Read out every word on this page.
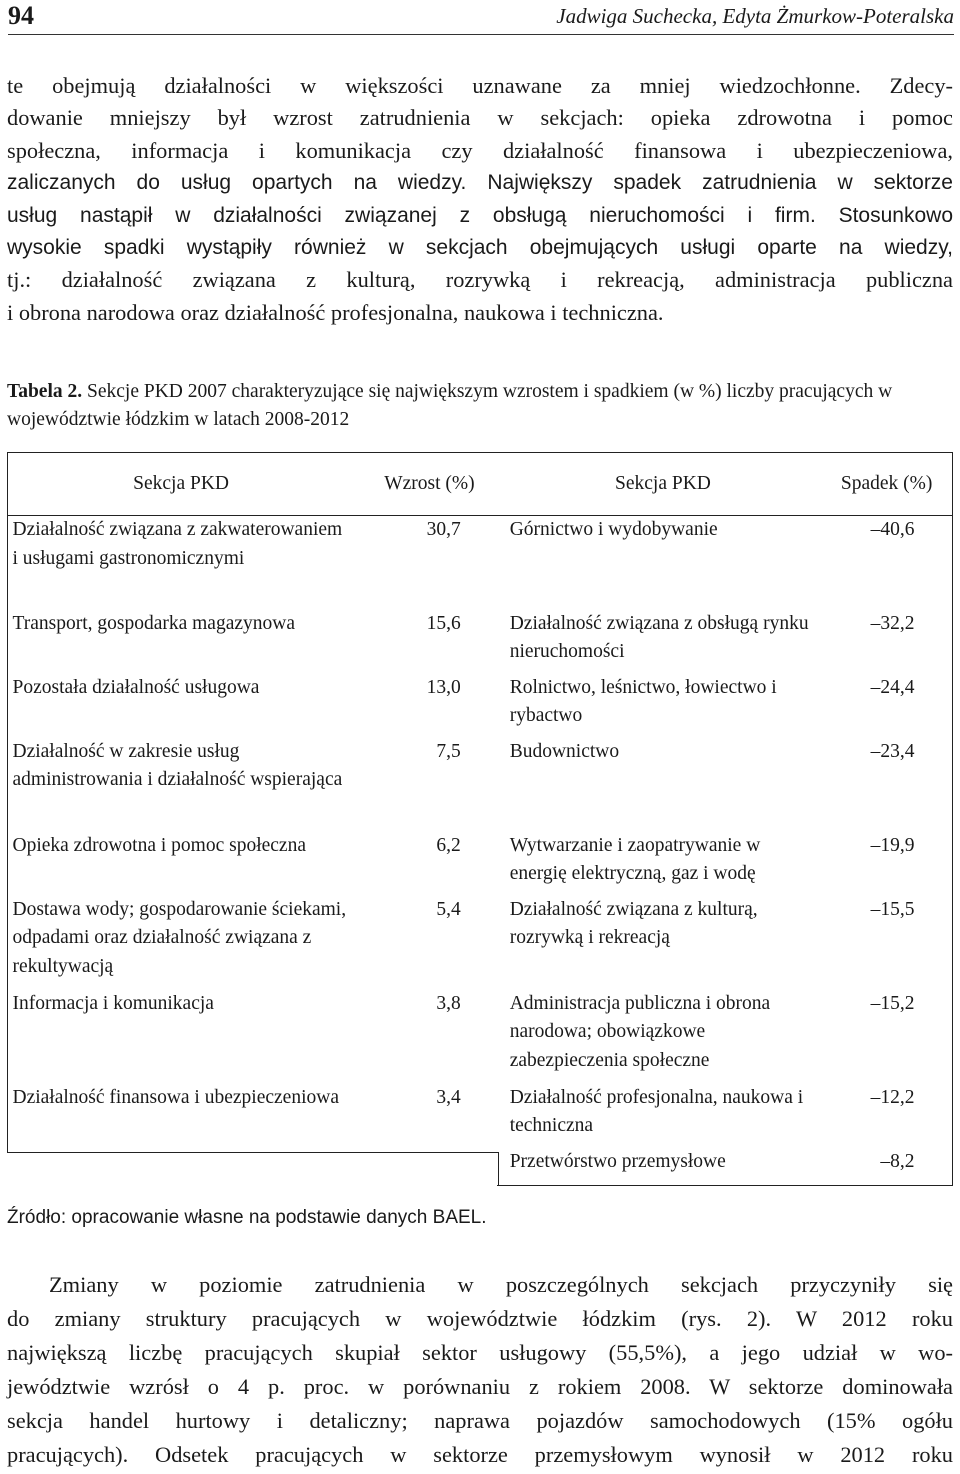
94	Jadwiga Suchecka, Edyta Żmurkow-Poteralska
te obejmują działalności w większości uznawane za mniej wiedzochłonne. Zdecy-
dowanie mniejszy był wzrost zatrudnienia w sekcjach: opieka zdrowotna i pomoc
społeczna, informacja i komunikacja czy działalność finansowa i ubezpieczeniowa,
zaliczanych do usług opartych na wiedzy. Największy spadek zatrudnienia w sektorze
usług nastąpił w działalności związanej z obsługą nieruchomości i firm. Stosunkowo
wysokie spadki wystąpiły również w sekcjach obejmujących usługi oparte na wiedzy,
tj.: działalność związana z kulturą, rozrywką i rekreacją, administracja publiczna
i obrona narodowa oraz działalność profesjonalna, naukowa i techniczna.
Tabela 2. Sekcje PKD 2007 charakteryzujące się największym wzrostem i spadkiem (w %) liczby pracujących w województwie łódzkim w latach 2008-2012
Sekcja PKD	Wzrost (%)	Sekcja PKD	Spadek (%)
Działalność związana z zakwaterowaniem i usługami gastronomicznymi	30,7	Górnictwo i wydobywanie	–40,6
Transport, gospodarka magazynowa	15,6	Działalność związana z obsługą rynku nieruchomości	–32,2
Pozostała działalność usługowa	13,0	Rolnictwo, leśnictwo, łowiectwo i rybactwo	–24,4
Działalność w zakresie usług administrowania i działalność wspierająca	7,5	Budownictwo	–23,4
Opieka zdrowotna i pomoc społeczna	6,2	Wytwarzanie i zaopatrywanie w energię elektryczną, gaz i wodę	–19,9
Dostawa wody; gospodarowanie ściekami, odpadami oraz działalność związana z rekultywacją	5,4	Działalność związana z kulturą, rozrywką i rekreacją	–15,5
Informacja i komunikacja	3,8	Administracja publiczna i obrona narodowa; obowiązkowe zabezpieczenia społeczne	–15,2
Działalność finansowa i ubezpieczeniowa	3,4	Działalność profesjonalna, naukowa i techniczna	–12,2
		Przetwórstwo przemysłowe	–8,2
Źródło: opracowanie własne na podstawie danych BAEL.
Zmiany w poziomie zatrudnienia w poszczególnych sekcjach przyczyniły się
do zmiany struktury pracujących w województwie łódzkim (rys. 2). W 2012 roku
największą liczbę pracujących skupiał sektor usługowy (55,5%), a jego udział w wo-
jewództwie wzrósł o 4 p. proc. w porównaniu z rokiem 2008. W sektorze dominowała
sekcja handel hurtowy i detaliczny; naprawa pojazdów samochodowych (15% ogółu
pracujących). Odsetek pracujących w sektorze przemysłowym wynosił w 2012 roku
